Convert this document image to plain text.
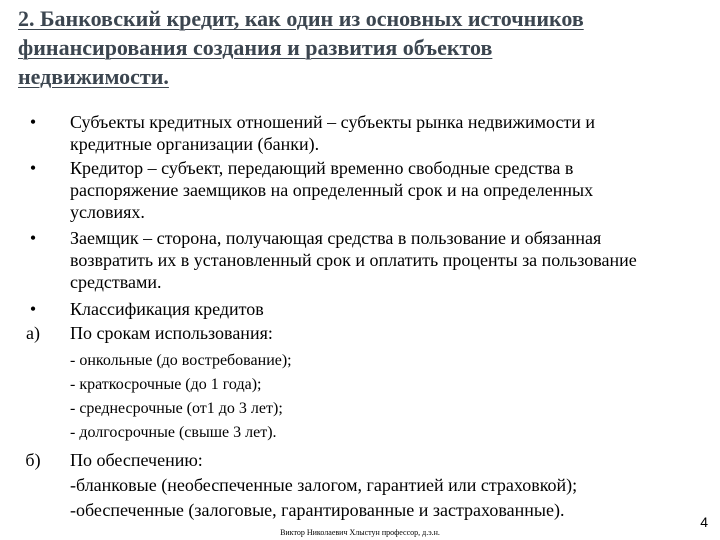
2. Банковский кредит, как один из основных источников
финансирования создания и развития объектов
недвижимости.
•	Субъекты кредитных отношений – субъекты рынка недвижимости и
кредитные организации (банки).
•	Кредитор – субъект, передающий временно свободные средства в
распоряжение заемщиков на определенный срок и на определенных
условиях.
•	Заемщик – сторона, получающая средства в пользование и обязанная
возвратить их в установленный срок и оплатить проценты за пользование
средствами.
•	Классификация кредитов
а)	По срокам использования:
- онкольные (до востребование);
- краткосрочные (до 1 года);
- среднесрочные (от1 до 3 лет);
- долгосрочные (свыше 3 лет).
б)	По обеспечению:
-бланковые (необеспеченные залогом, гарантией или страховкой);
-обеспеченные (залоговые, гарантированные и застрахованные).
Виктор Николаевич Хлыстун профессор, д.э.н.
4
